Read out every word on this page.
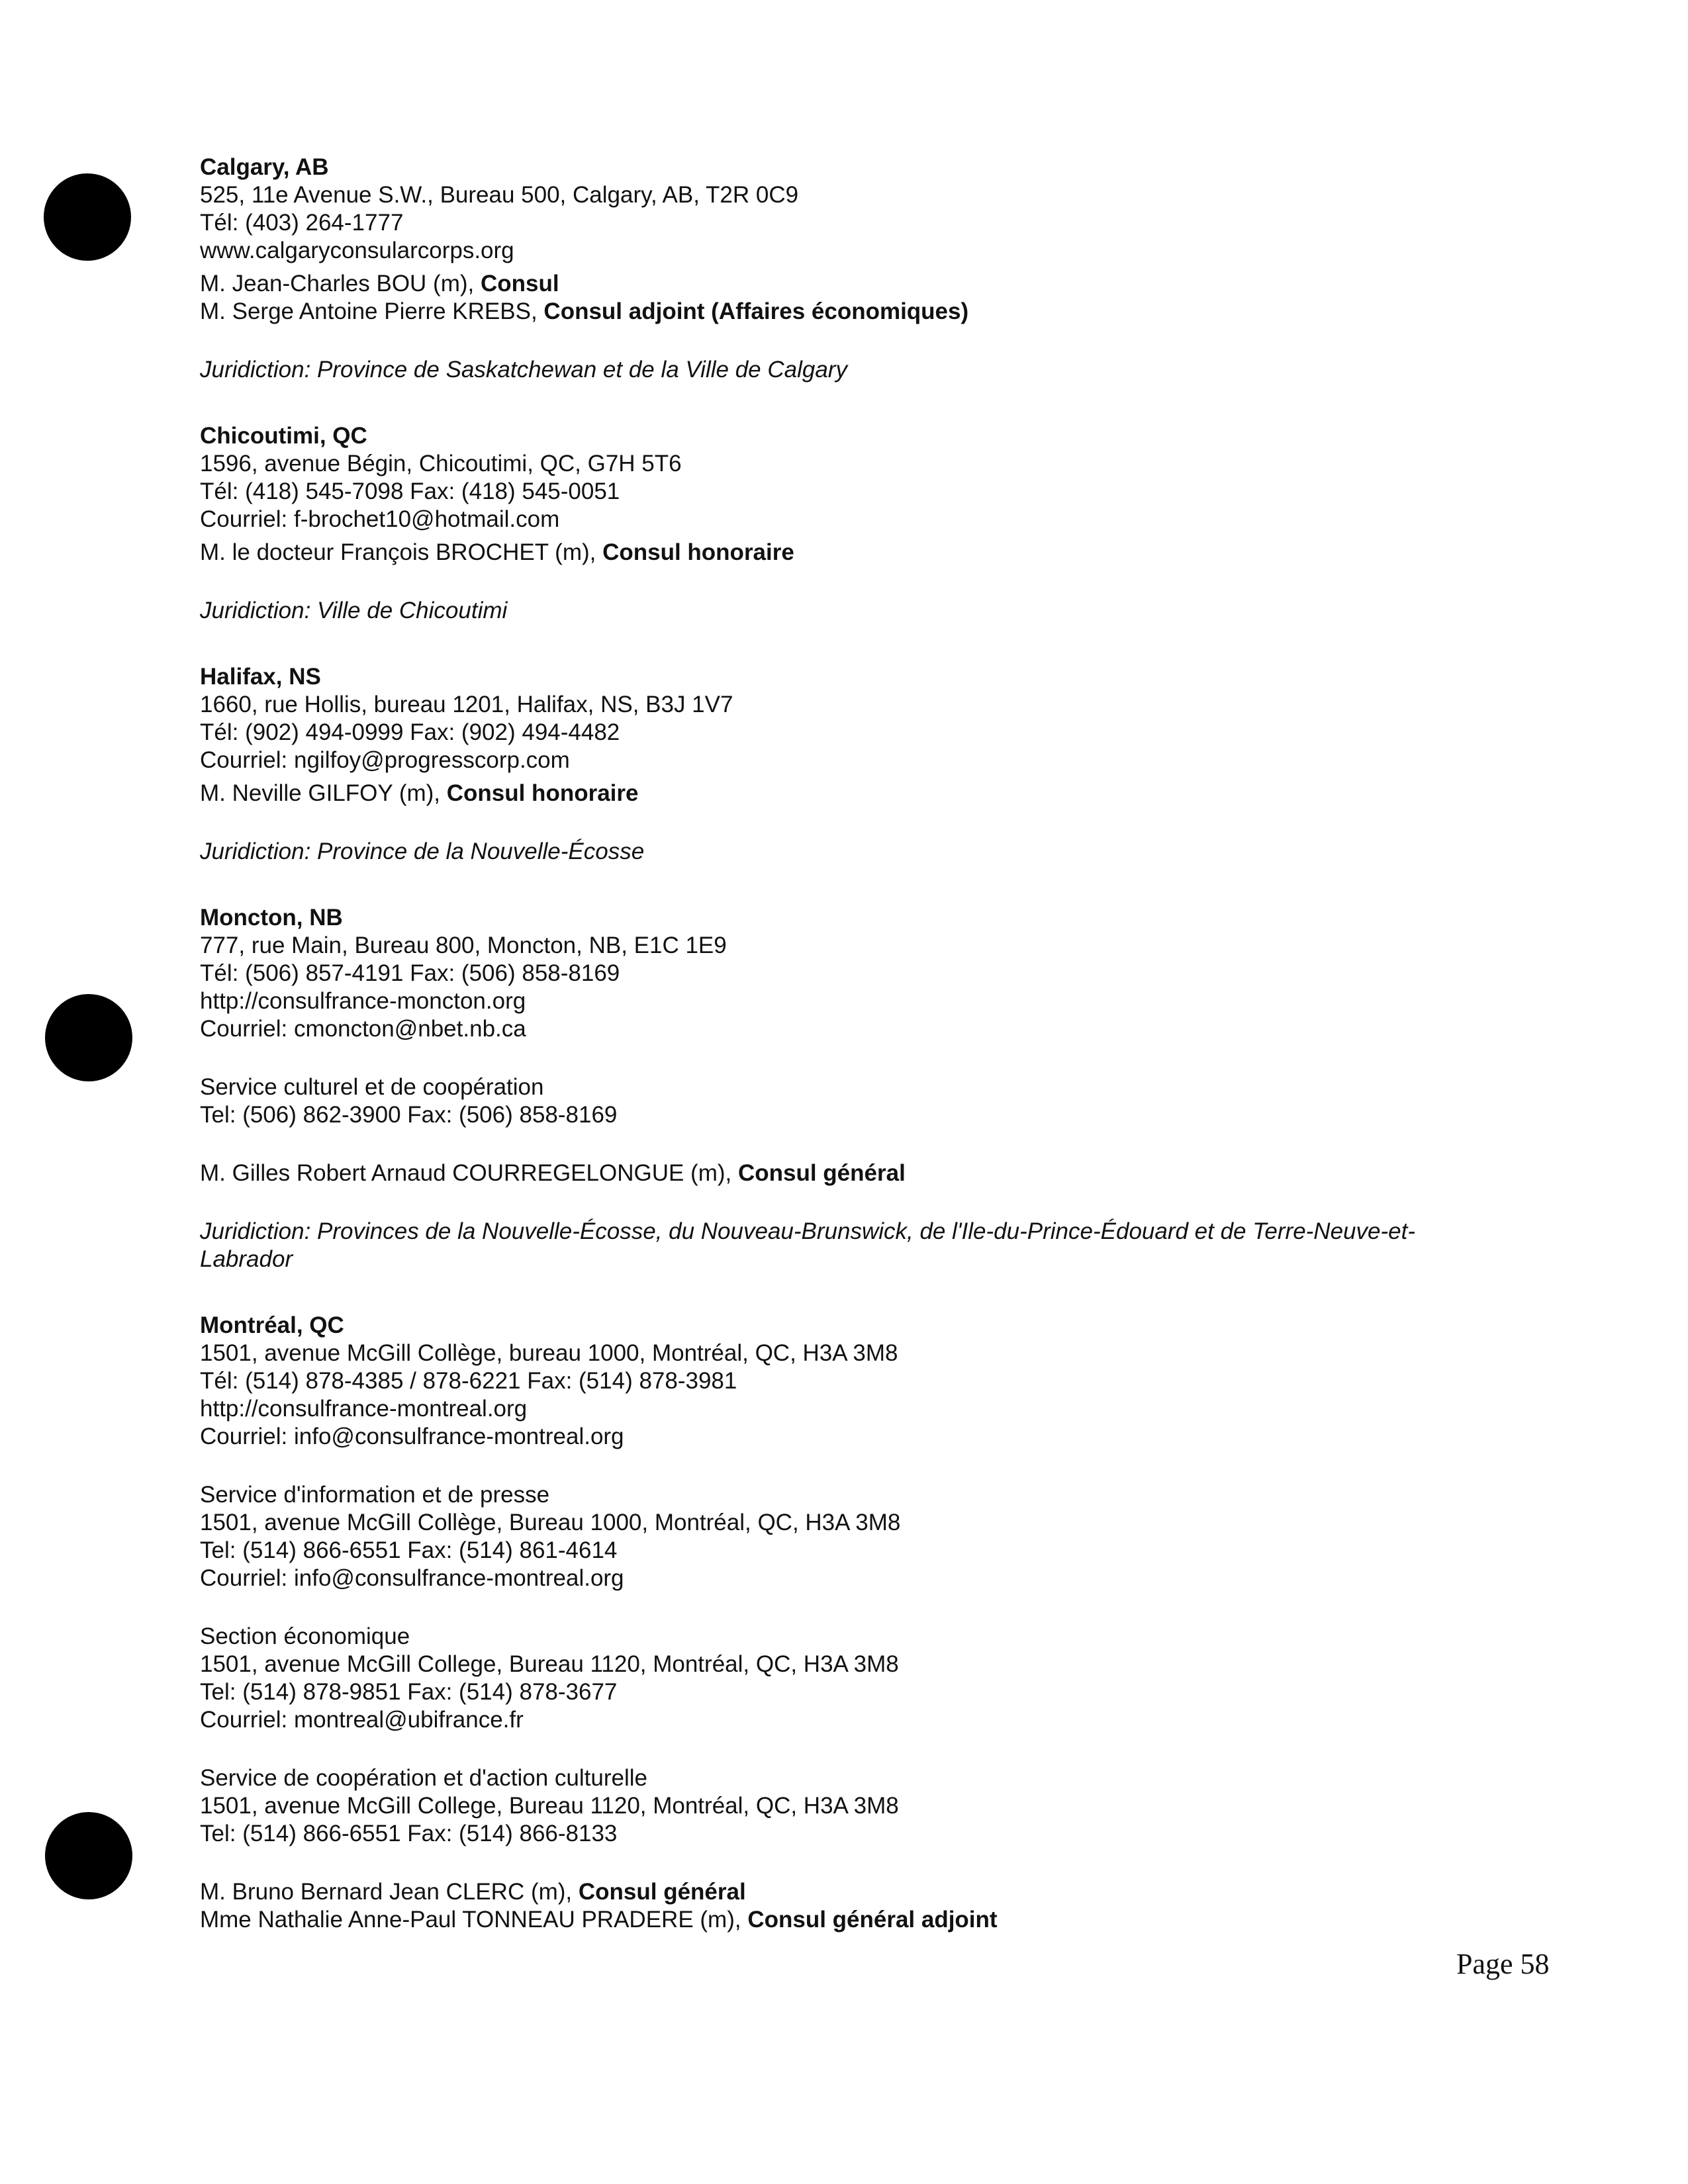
Calgary, AB
525, 11e Avenue S.W., Bureau 500, Calgary, AB, T2R 0C9
Tél: (403) 264-1777
www.calgaryconsularcorps.org
M. Jean-Charles BOU (m), Consul
M. Serge Antoine Pierre KREBS, Consul adjoint (Affaires économiques)
Juridiction: Province de Saskatchewan et de la Ville de Calgary
Chicoutimi, QC
1596, avenue Bégin, Chicoutimi, QC, G7H 5T6
Tél: (418) 545-7098 Fax: (418) 545-0051
Courriel: f-brochet10@hotmail.com
M. le docteur François BROCHET (m), Consul honoraire
Juridiction: Ville de Chicoutimi
Halifax, NS
1660, rue Hollis, bureau 1201, Halifax, NS, B3J 1V7
Tél: (902) 494-0999 Fax: (902) 494-4482
Courriel: ngilfoy@progresscorp.com
M. Neville GILFOY (m), Consul honoraire
Juridiction: Province de la Nouvelle-Écosse
Moncton, NB
777, rue Main, Bureau 800, Moncton, NB, E1C 1E9
Tél: (506) 857-4191 Fax: (506) 858-8169
http://consulfrance-moncton.org
Courriel: cmoncton@nbet.nb.ca
Service culturel et de coopération
Tel: (506) 862-3900 Fax: (506) 858-8169
M. Gilles Robert Arnaud COURREGELONGUE (m), Consul général
Juridiction: Provinces de la Nouvelle-Écosse, du Nouveau-Brunswick, de l'Ile-du-Prince-Édouard et de Terre-Neuve-et-
Labrador
Montréal, QC
1501, avenue McGill Collège, bureau 1000, Montréal, QC, H3A 3M8
Tél: (514) 878-4385 / 878-6221 Fax: (514) 878-3981
http://consulfrance-montreal.org
Courriel: info@consulfrance-montreal.org
Service d'information et de presse
1501, avenue McGill Collège, Bureau 1000, Montréal, QC, H3A 3M8
Tel: (514) 866-6551 Fax: (514) 861-4614
Courriel: info@consulfrance-montreal.org
Section économique
1501, avenue McGill College, Bureau 1120, Montréal, QC, H3A 3M8
Tel: (514) 878-9851 Fax: (514) 878-3677
Courriel: montreal@ubifrance.fr
Service de coopération et d'action culturelle
1501, avenue McGill College, Bureau 1120, Montréal, QC, H3A 3M8
Tel: (514) 866-6551 Fax: (514) 866-8133
M. Bruno Bernard Jean CLERC (m), Consul général
Mme Nathalie Anne-Paul TONNEAU PRADERE (m), Consul général adjoint
Page 58
